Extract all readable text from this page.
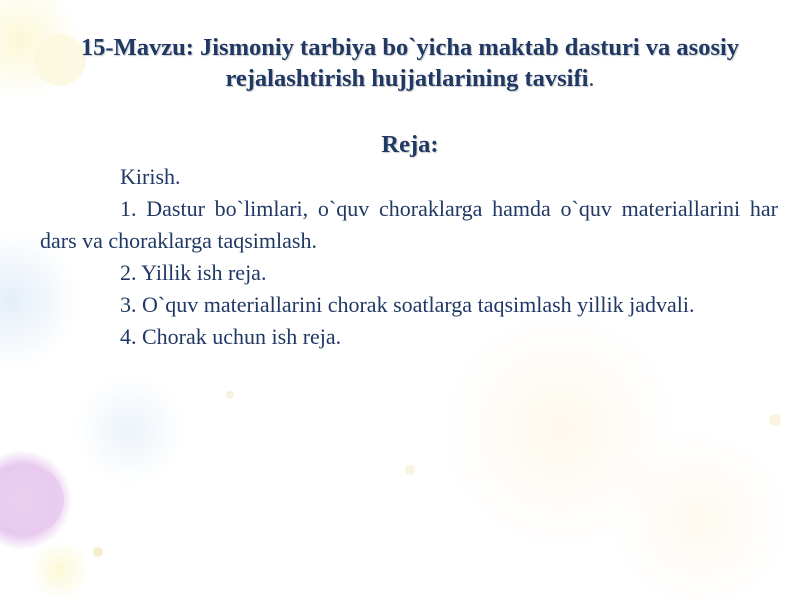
15-Mavzu: Jismoniy tarbiya bo`yicha maktab dasturi va asosiy rejalashtirish hujjatlarining tavsifi.
Reja:
Kirish.
1. Dastur bo`limlari, o`quv choraklarga hamda o`quv materiallarini har dars va choraklarga taqsimlash.
2. Yillik ish reja.
3. O`quv materiallarini chorak soatlarga taqsimlash yillik jadvali.
4. Chorak uchun ish reja.
